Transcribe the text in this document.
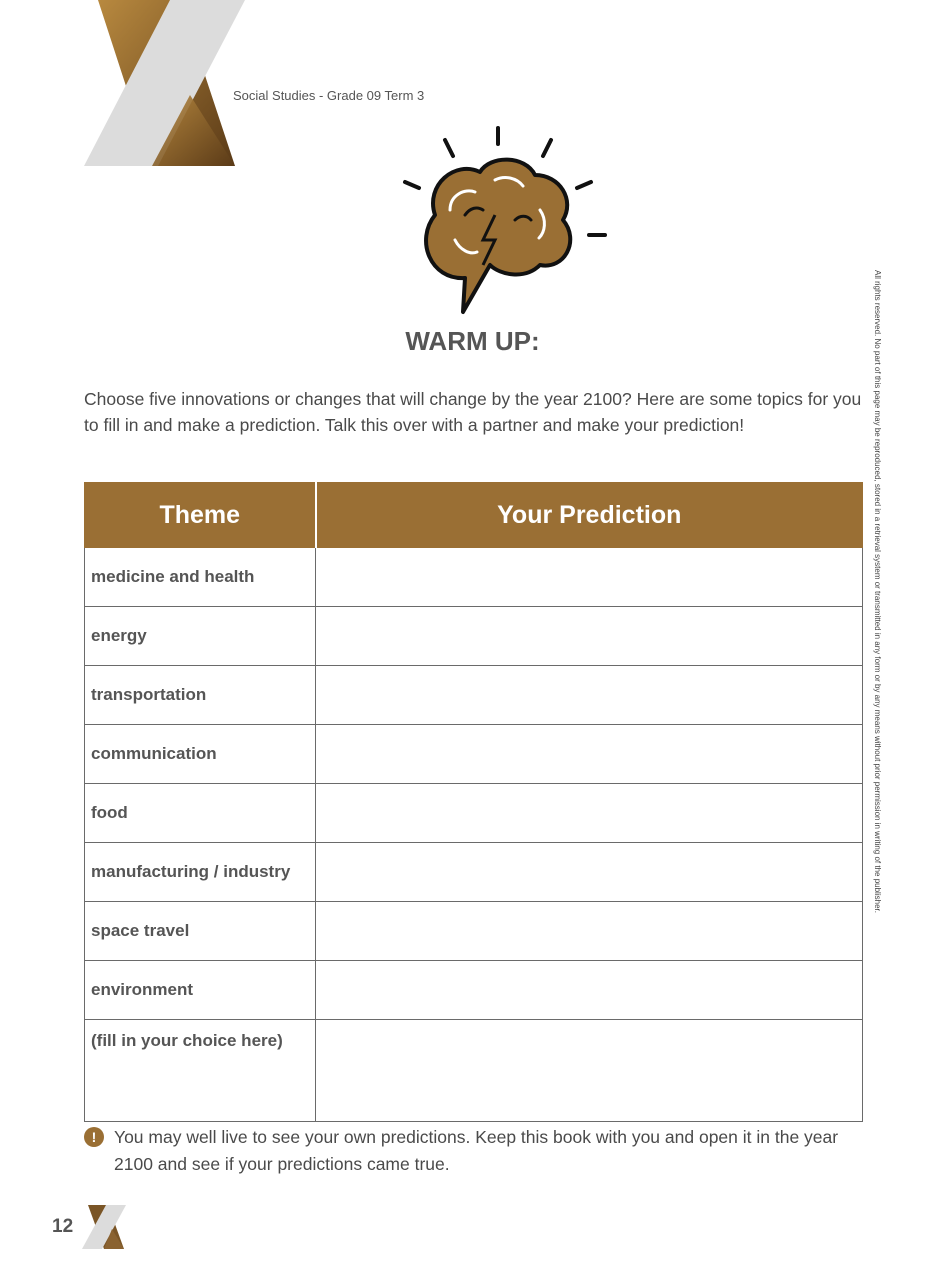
Social Studies - Grade 09 Term 3
WARM UP:
Choose five innovations or changes that will change by the year 2100? Here are some topics for you to fill in and make a prediction. Talk this over with a partner and make your prediction!	All rights reserved. No part of this page may be reproduced, stored in a retrieval system or transmitted in any form or by any means without prior permission in writing of the publisher.
Theme	Your Prediction
medicine and health	
energy	
transportation	
communication	
food	
manufacturing / industry	
space travel	
environment	
(fill in your choice here)	
!	You may well live to see your own predictions. Keep this book with you and open it in the year 2100 and see if your predictions came true.
12
